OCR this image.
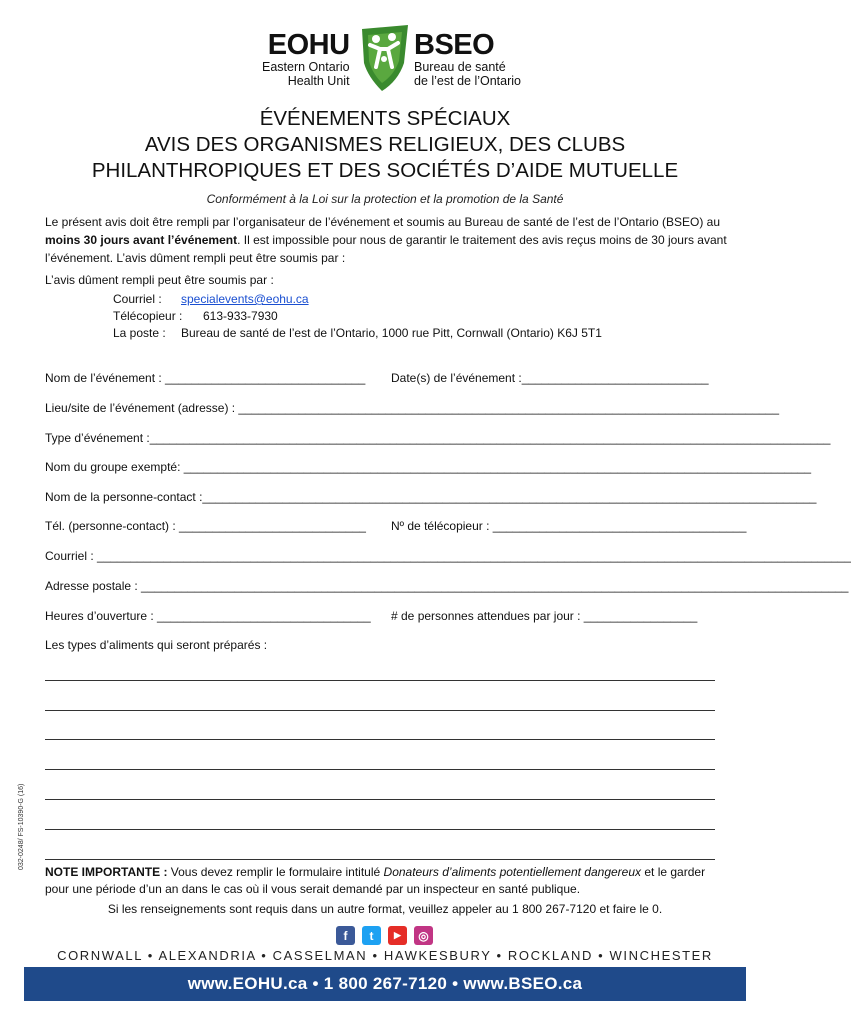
EOHU
Eastern Ontario
Health Unit
BSEO
Bureau de santé
de l’est de l’Ontario
ÉVÉNEMENTS SPÉCIAUX
AVIS DES ORGANISMES RELIGIEUX, DES CLUBS
PHILANTHROPIQUES ET DES SOCIÉTÉS D’AIDE MUTUELLE
Conformément à la Loi sur la protection et la promotion de la Santé
Le présent avis doit être rempli par l’organisateur de l’événement et soumis au Bureau de santé de l’est de l’Ontario (BSEO) au moins 30 jours avant l’événement. Il est impossible pour nous de garantir le traitement des avis reçus moins de 30 jours avant l’événement. L’avis dûment rempli peut être soumis par :
L’avis dûment rempli peut être soumis par :
Courriel : specialevents@eohu.ca
Télécopieur : 613-933-7930
La poste : Bureau de santé de l’est de l’Ontario, 1000 rue Pitt, Cornwall (Ontario) K6J 5T1
Nom de l’événement : ______________________________	Date(s) de l’événement :____________________________
Lieu/site de l’événement (adresse) : _________________________________________________________________________________
Type d’événement :______________________________________________________________________________________________________
Nom du groupe exempté: ______________________________________________________________________________________________
Nom de la personne-contact :____________________________________________________________________________________________
Tél. (personne-contact) : ____________________________	Nº de télécopieur : ______________________________________
Courriel : _________________________________________________________________________________________________________________
Adresse postale : __________________________________________________________________________________________________________
Heures d’ouverture : ________________________________	# de personnes attendues par jour : _________________
Les types d’aliments qui seront préparés :
NOTE IMPORTANTE : Vous devez remplir le formulaire intitulé Donateurs d’aliments potentiellement dangereux et le garder pour une période d’un an dans le cas où il vous serait demandé par un inspecteur en santé publique.
Si les renseignements sont requis dans un autre format, veuillez appeler au 1 800 267-7120 et faire le 0.
032-0248/ FS-10390-G (16)
f	t	▶	◎
CORNWALL • ALEXANDRIA • CASSELMAN • HAWKESBURY • ROCKLAND • WINCHESTER
www.EOHU.ca • 1 800 267-7120 • www.BSEO.ca
